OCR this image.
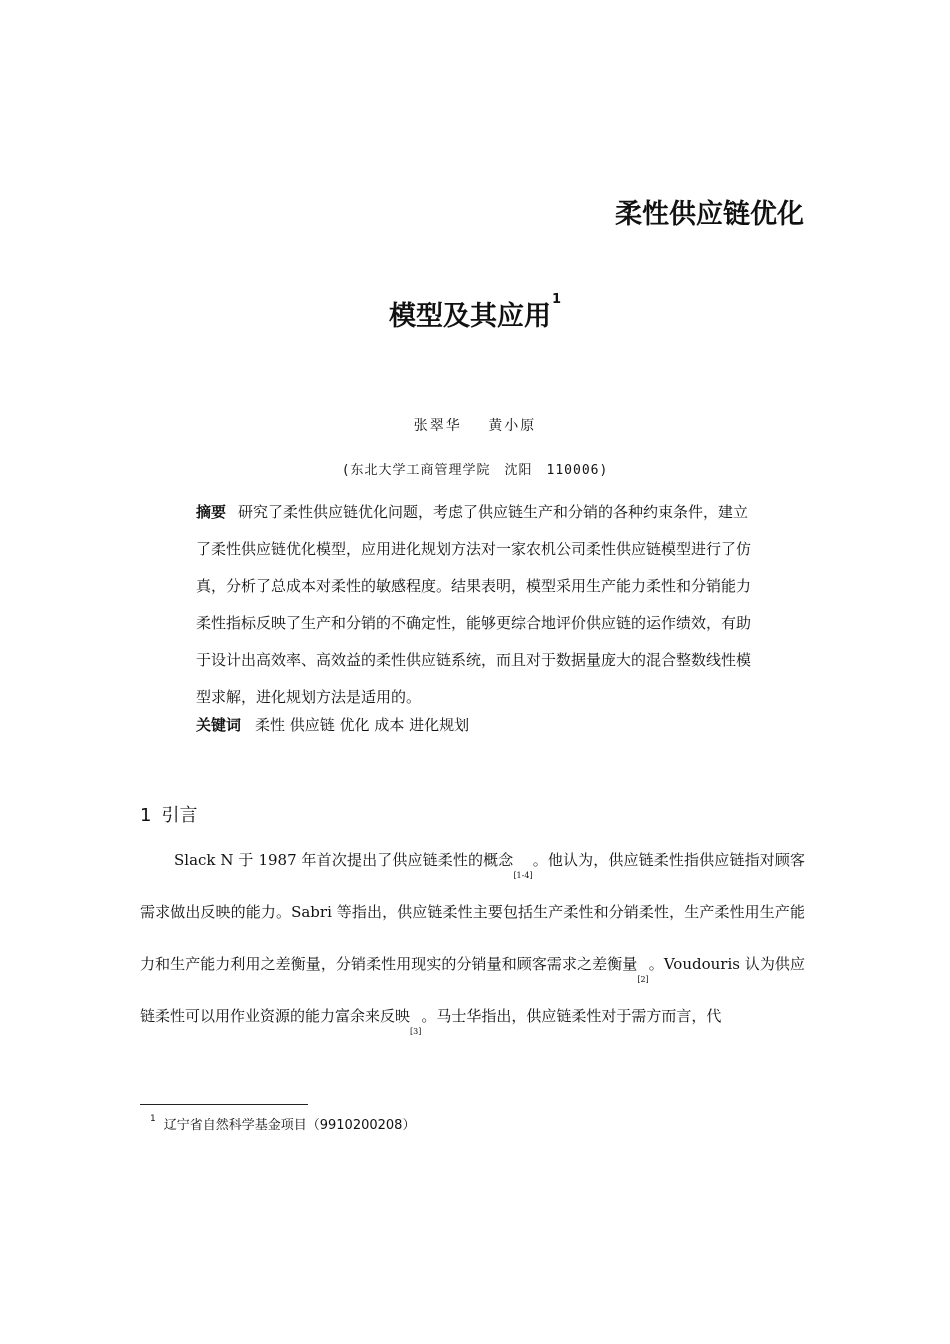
柔性供应链优化
模型及其应用$^1$
张翠华　 黄小原
(东北大学工商管理学院　沈阳　110006)
摘要 研究了柔性供应链优化问题，考虑了供应链生产和分销的各种约束条件，建立了柔性供应链优化模型，应用进化规划方法对一家农机公司柔性供应链模型进行了仿真，分析了总成本对柔性的敏感程度。结果表明，模型采用生产能力柔性和分销能力柔性指标反映了生产和分销的不确定性，能够更综合地评价供应链的运作绩效，有助于设计出高效率、高效益的柔性供应链系统，而且对于数据量庞大的混合整数线性模型求解，进化规划方法是适用的。
关键词 柔性 供应链 优化 成本 进化规划
1 引言

Slack N 于 1987 年首次提出了供应链柔性的概念[1-4]。他认为，供应链柔性指供应链指对顾客需求做出反映的能力。Sabri 等指出，供应链柔性主要包括生产柔性和分销柔性，生产柔性用生产能力和生产能力利用之差衡量，分销柔性用现实的分销量和顾客需求之差衡量[2]。Voudouris 认为供应链柔性可以用作业资源的能力富余来反映[3]。马士华指出，供应链柔性对于需方而言，代

$^1$ 辽宁省自然科学基金项目（9910200208）
